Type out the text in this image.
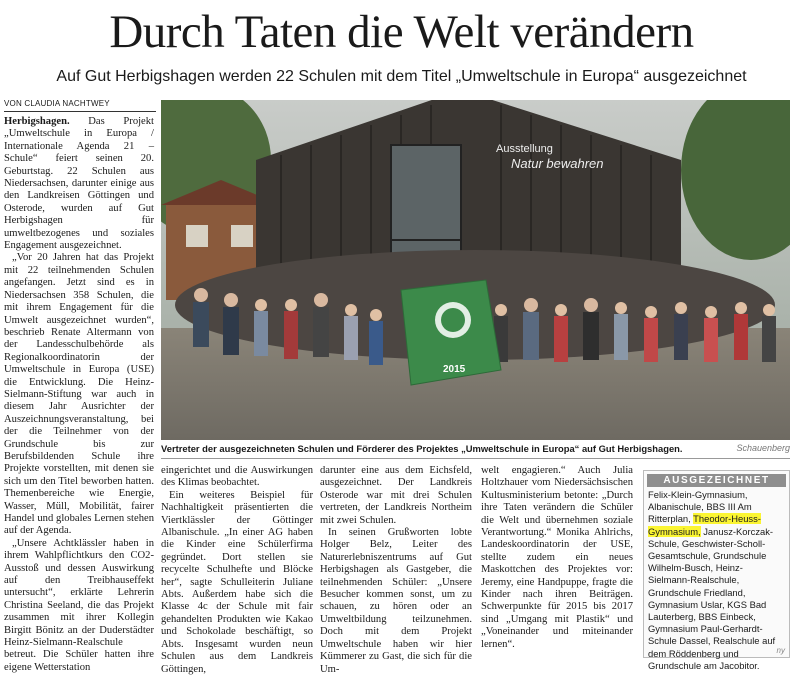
Durch Taten die Welt verändern
Auf Gut Herbigshagen werden 22 Schulen mit dem Titel „Umweltschule in Europa“ ausgezeichnet
VON CLAUDIA NACHTWEY

Herbigshagen. Das Projekt „Umweltschule in Europa / Internationale Agenda 21 – Schule“ feiert seinen 20. Geburtstag. 22 Schulen aus Niedersachsen, darunter einige aus den Landkreisen Göttingen und Osterode, wurden auf Gut Herbigshagen für umweltbezogenes und soziales Engagement ausgezeichnet.

„Vor 20 Jahren hat das Projekt mit 22 teilnehmenden Schulen angefangen. Jetzt sind es in Niedersachsen 358 Schulen, die mit ihrem Engagement für die Umwelt ausgezeichnet wurden“, beschrieb Renate Altermann von der Landesschulbehörde als Regionalkoordinatorin der Umweltschule in Europa (USE) die Entwicklung. Die Heinz-Sielmann-Stiftung war auch in diesem Jahr Ausrichter der Auszeichnungsveranstaltung, bei der die Teilnehmer von der Grundschule bis zur Berufsbildenden Schule ihre Projekte vorstellten, mit denen sie sich um den Titel beworben hatten. Themenbereiche wie Energie, Wasser, Müll, Mobilität, fairer Handel und globales Lernen stehen auf der Agenda.

„Unsere Achtklässler haben in ihrem Wahlpflichtkurs den CO2-Ausstoß und dessen Auswirkung auf den Treibhauseffekt untersucht“, erklärte Lehrerin Christina Seeland, die das Projekt zusammen mit ihrer Kollegin Birgitt Bönitz an der Duderstädter Heinz-Sielmann-Realschule betreut. Die Schüler hatten ihre eigene Wetterstation

Ausstellung
Natur bewahren
2015
Vertreter der ausgezeichneten Schulen und Förderer des Projektes „Umweltschule in Europa“ auf Gut Herbigshagen.	Schauenberg

eingerichtet und die Auswirkungen des Klimas beobachtet.

Ein weiteres Beispiel für Nachhaltigkeit präsentierten die Viertklässler der Göttinger Albanischule. „In einer AG haben die Kinder eine Schülerfirma gegründet. Dort stellen sie recycelte Schulhefte und Blöcke her“, sagte Schulleiterin Juliane Abts. Außerdem habe sich die Klasse 4c der Schule mit fair gehandelten Produkten wie Kakao und Schokolade beschäftigt, so Abts. Insgesamt wurden neun Schulen aus dem Landkreis Göttingen,

darunter eine aus dem Eichsfeld, ausgezeichnet. Der Landkreis Osterode war mit drei Schulen vertreten, der Landkreis Northeim mit zwei Schulen.

In seinen Grußworten lobte Holger Belz, Leiter des Naturerlebniszentrums auf Gut Herbigshagen als Gastgeber, die teilnehmenden Schüler: „Unsere Besucher kommen sonst, um zu schauen, zu hören oder an Umweltbildung teilzunehmen. Doch mit dem Projekt Umweltschule haben wir hier Kümmerer zu Gast, die sich für die Um-

welt engagieren.“ Auch Julia Holtzhauer vom Niedersächsischen Kultusministerium betonte: „Durch ihre Taten verändern die Schüler die Welt und übernehmen soziale Verantwortung.“ Monika Ahlrichs, Landeskoordinatorin der USE, stellte zudem ein neues Maskottchen des Projektes vor: Jeremy, eine Handpuppe, fragte die Kinder nach ihren Beiträgen. Schwerpunkte für 2015 bis 2017 sind „Umgang mit Plastik“ und „Voneinander und miteinander lernen“.

AUSGEZEICHNET
Felix-Klein-Gymnasium, Albanischule, BBS III Am Ritterplan, Theodor-Heuss-Gymnasium, Janusz-Korczak-Schule, Geschwister-Scholl-Gesamtschule, Grundschule Wilhelm-Busch, Heinz-Sielmann-Realschule, Grundschule Friedland, Gymnasium Uslar, KGS Bad Lauterberg, BBS Einbeck, Gymnasium Paul-Gerhardt-Schule Dassel, Realschule auf dem Röddenberg und Grundschule am Jacobitor.
ny
